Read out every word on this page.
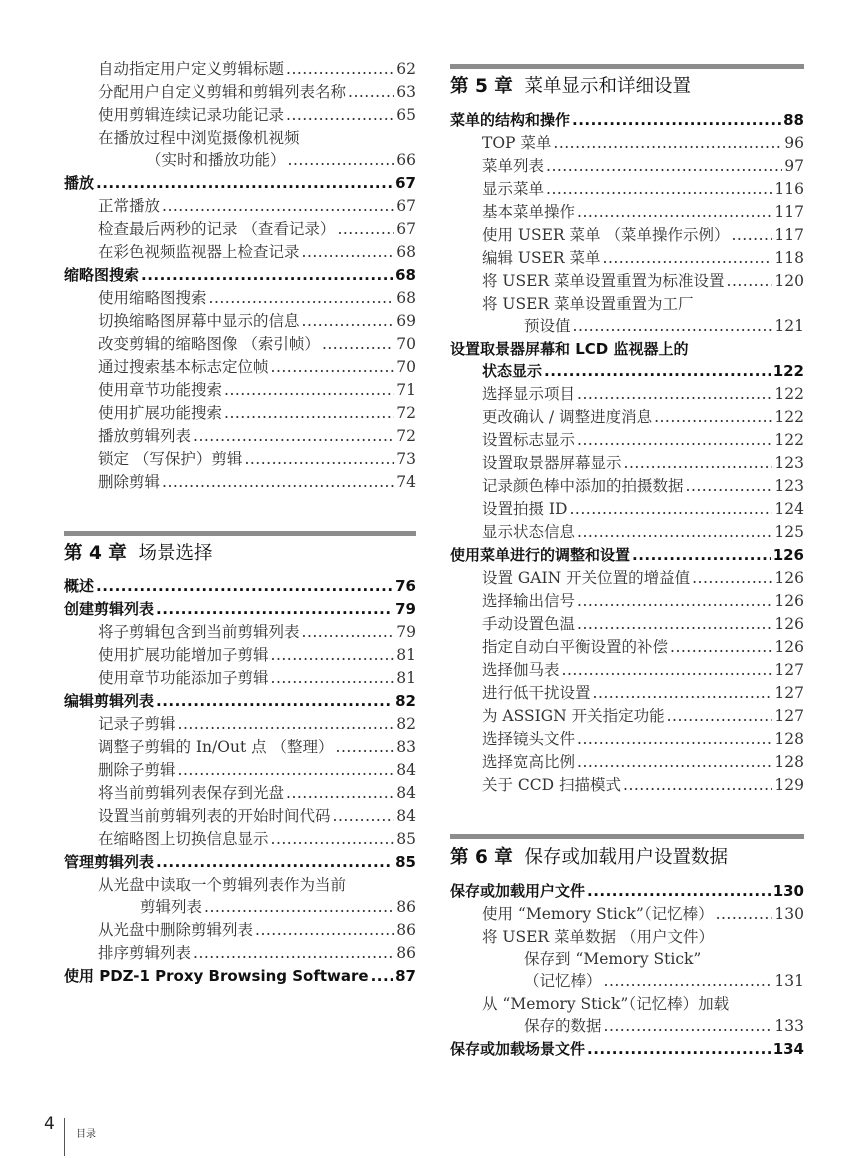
自动指定用户定义剪辑标题 .....	62
分配用户自定义剪辑和剪辑列表名称 .....	63
使用剪辑连续记录功能记录 .....	65
在播放过程中浏览摄像机视频
（实时和播放功能） .....	66
播放 .....	67
正常播放 .....	67
检查最后两秒的记录 （查看记录） .....	67
在彩色视频监视器上检查记录 .....	68
缩略图搜索 .....	68
使用缩略图搜索 .....	68
切换缩略图屏幕中显示的信息 .....	69
改变剪辑的缩略图像 （索引帧） .....	70
通过搜索基本标志定位帧 .....	70
使用章节功能搜索 .....	71
使用扩展功能搜索 .....	72
播放剪辑列表 .....	72
锁定 （写保护）剪辑 .....	73
删除剪辑 .....	74
第 4 章 场景选择
概述 .....	76
创建剪辑列表 .....	79
将子剪辑包含到当前剪辑列表 .....	79
使用扩展功能增加子剪辑 .....	81
使用章节功能添加子剪辑 .....	81
编辑剪辑列表 .....	82
记录子剪辑 .....	82
调整子剪辑的 In/Out 点 （整理） .....	83
删除子剪辑 .....	84
将当前剪辑列表保存到光盘 .....	84
设置当前剪辑列表的开始时间代码 .....	84
在缩略图上切换信息显示 .....	85
管理剪辑列表 .....	85
从光盘中读取一个剪辑列表作为当前
剪辑列表 .....	86
从光盘中删除剪辑列表 .....	86
排序剪辑列表 .....	86
使用 PDZ-1 Proxy Browsing Software ..... 87
第 5 章 菜单显示和详细设置
菜单的结构和操作 .....	88
TOP 菜单 .....	96
菜单列表 .....	97
显示菜单 .....	116
基本菜单操作 .....	117
使用 USER 菜单 （菜单操作示例） .....	117
编辑 USER 菜单 .....	118
将 USER 菜单设置重置为标准设置 .....	120
将 USER 菜单设置重置为工厂
预设值 .....	121
设置取景器屏幕和 LCD 监视器上的
状态显示 .....	122
选择显示项目 .....	122
更改确认 / 调整进度消息 .....	122
设置标志显示 .....	122
设置取景器屏幕显示 .....	123
记录颜色棒中添加的拍摄数据 .....	123
设置拍摄 ID .....	124
显示状态信息 .....	125
使用菜单进行的调整和设置 .....	126
设置 GAIN 开关位置的增益值 .....	126
选择输出信号 .....	126
手动设置色温 .....	126
指定自动白平衡设置的补偿 .....	126
选择伽马表 .....	127
进行低干扰设置 .....	127
为 ASSIGN 开关指定功能 .....	127
选择镜头文件 .....	128
选择宽高比例 .....	128
关于 CCD 扫描模式 .....	129
第 6 章 保存或加载用户设置数据
保存或加载用户文件 .....	130
使用 “Memory Stick”（记忆棒） .....	130
将 USER 菜单数据 （用户文件）
保存到 “Memory Stick”
（记忆棒） .....	131
从 “Memory Stick”（记忆棒）加载
保存的数据 .....	133
保存或加载场景文件 .....	134
4
目录
